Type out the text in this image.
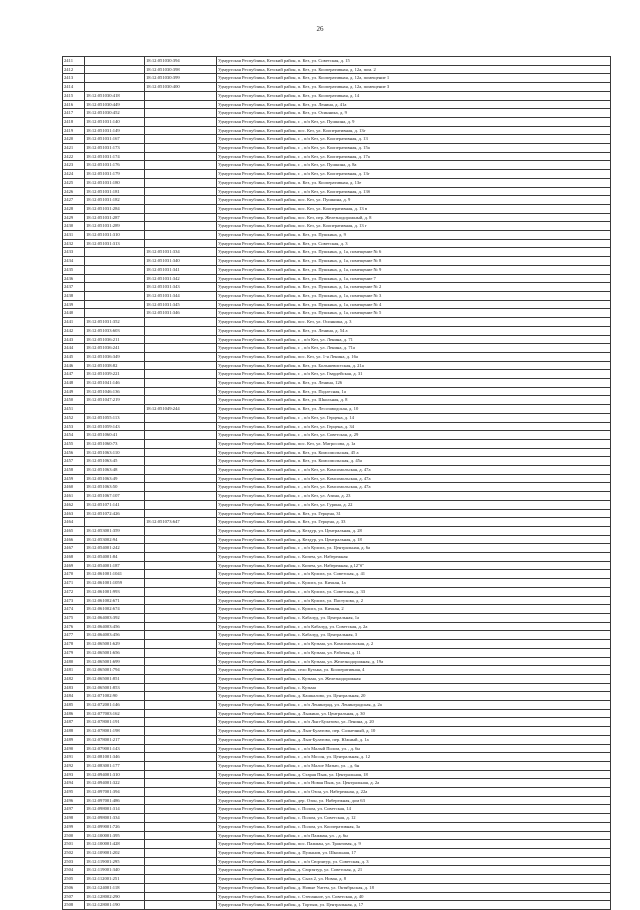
26
2411		18:12:051030:394	Удмуртская Республика, Кезский район, п. Кез, ул. Советская, д. 15
2412		18:12:051030:398	Удмуртская Республика, Кезский район, п. Кез, ул. Кооперативная, д. 12а, пом. 2
2413		18:12:051030:399	Удмуртская Республика, Кезский район, п. Кез, ул. Кооперативная, д. 12а, помещение 1
2414		18:12:051030:400	Удмуртская Республика, Кезский район, п. Кез, ул. Кооперативная, д. 12а, помещение 3
2415	18:12:051030:418		Удмуртская Республика, Кезский район, п. Кез, ул. Кооперативная, д. 14
2416	18:12:051030:449		Удмуртская Республика, Кезский район, п. Кез, ул. Ленина, д. 41а
2417	18:12:051030:452		Удмуртская Республика, Кезский район, п. Кез, ул. Осинника, д. 9
2418	18:12:051031:140		Удмуртская Республика, Кезский район, г. , п/п Кез, ул. Пушкина, д. 9
2419	18:12:051031:149		Удмуртская Республика, Кезский район, пос. Кез, ул. Кооперативная, д. 13г
2420	18:12:051031:167		Удмуртская Республика, Кезский район, г. , п/п Кез, ул. Кооперативная, д. 13
2421	18:12:051031:173		Удмуртская Республика, Кезский район, г. , п/п Кез, ул. Кооперативная, д. 15а
2422	18:12:051031:174		Удмуртская Республика, Кезский район, г. , п/п Кез, ул. Кооперативная, д. 17а
2423	18:12:051031:176		Удмуртская Республика, Кезский район, г. , п/п Кез, ул. Пушкина, д. 8а
2424	18:12:051031:179		Удмуртская Республика, Кезский район, г. , п/п Кез, ул. Кооперативная, д. 13г
2425	18:12:051031:180		Удмуртская Республика, Кезский район, п. Кез, ул. Кооперативная, д. 13е
2426	18:12:051031:181		Удмуртская Республика, Кезский район, г. , п/п Кез, ул. Кооперативная, д. 13б
2427	18:12:051031:182		Удмуртская Республика, Кезский район, пос. Кез, ул. Пушкина, д. 9
2428	18:12:051031:284		Удмуртская Республика, Кезский район, пос. Кез, ул. Кооперативная, д. 13 в
2429	18:12:051031:287		Удмуртская Республика, Кезский район, пос. Кез, пер. Железнодорожный, д. 8
2430	18:12:051031:289		Удмуртская Республика, Кезский район, пос. Кез, ул. Кооперативная, д. 13 г
2431	18:12:051031:310		Удмуртская Республика, Кезский район, п. Кез, ул. Пушкина, д. 9
2432	18:12:051031:313		Удмуртская Республика, Кезский район, п. Кез, ул. Советская, д. 3
2433		18:12:051031:334	Удмуртская Республика, Кезский район, п. Кез, ул. Пушкина, д. 1а, помещение № 6
2434		18:12:051031:340	Удмуртская Республика, Кезский район, п. Кез, ул. Пушкина, д. 1а, помещение № 8
2435		18:12:051031:341	Удмуртская Республика, Кезский район, п. Кез, ул. Пушкина, д. 1а, помещение № 9
2436		18:12:051031:342	Удмуртская Республика, Кезский район, п. Кез, ул. Пушкина, д. 1а, помещение 7
2437		18:12:051031:343	Удмуртская Республика, Кезский район, п. Кез, ул. Пушкина, д. 1а, помещение № 2
2438		18:12:051031:344	Удмуртская Республика, Кезский район, п. Кез, ул. Пушкина, д. 1а, помещение № 3
2439		18:12:051031:345	Удмуртская Республика, Кезский район, п. Кез, ул. Пушкина, д. 1а, помещение № 4
2440		18:12:051031:346	Удмуртская Республика, Кезский район, п. Кез, ул. Пушкина, д. 1а, помещение № 5
2441	18:12:051031:352		Удмуртская Республика, Кезский район, пос. Кез, ул. Осинника, д. 3
2442	18:12:051033:603		Удмуртская Республика, Кезский район, п. Кез, ул. Ленина, д. 54 а
2443	18:12:051036:211		Удмуртская Республика, Кезский район, г. , п/п Кез, ул. Ленина, д. 71
2444	18:12:051036:241		Удмуртская Республика, Кезский район, г. , п/п Кез, ул. Ленина, д. 71а
2445	18:12:051036:349		Удмуртская Республика, Кезский район, пос. Кез, ул. 1-я Ленина, д. 16а
2446	18:12:051038:82		Удмуртская Республика, Кезский район, п. Кез, ул. Большевистская, д. 21а
2447	18:12:051039:221		Удмуртская Республика, Кезский район, г. , п/п Кез, ул. Гвардейская, д. 31
2448	18:12:051041:146		Удмуртская Республика, Кезский район, п. Кез, ул. Ленина, 126
2449	18:12:051046:136		Удмуртская Республика, Кезский район, п. Кез, ул. Подлесная, 1а
2450	18:12:051047:219		Удмуртская Республика, Кезский район, п. Кез, ул. Школьная, д. 8
2451		18:12:051049:244	Удмуртская Республика, Кезский район, п. Кез, ул. Лесозаводская, д. 10
2452	18:12:051055:113		Удмуртская Республика, Кезский район, г. , п/п Кез, ул. Герцена, д. 14
2453	18:12:051059:143		Удмуртская Республика, Кезский район, г. , п/п Кез, ул. Герцена, д. 34
2454	18:12:051060:41		Удмуртская Республика, Кезский район, г. , п/п Кез, ул. Советская, д. 29
2455	18:12:051060:73		Удмуртская Республика, Кезский район, пос. Кез, ул. Матросова, д. 1а
2456	18:12:051063:110		Удмуртская Республика, Кезский район, п. Кез, ул. Комсомольская, 45 а
2457	18:12:051063:45		Удмуртская Республика, Кезский район, п. Кез, ул. Комсомольская, д. 45а
2458	18:12:051063:48		Удмуртская Республика, Кезский район, г. , п/п Кез, ул. Комсомольская, д. 47а
2459	18:12:051063:49		Удмуртская Республика, Кезский район, г. , п/п Кез, ул. Комсомольская, д. 47а
2460	18:12:051063:50		Удмуртская Республика, Кезский район, г. , п/п Кез, ул. Комсомольская, д. 47а
2461	18:12:051067:107		Удмуртская Республика, Кезский район, г. , п/п Кез, ул. Азина, д. 23
2462	18:12:051071:141		Удмуртская Республика, Кезский район, г. , п/п Кез, ул. Гурина, д. 22
2463	18:12:051072:426		Удмуртская Республика, Кезский район, п. Кез, ул. Герцена, 31
2464		18:12:051073:647	Удмуртская Республика, Кезский район, п. Кез, ул. Герцена, д. 33
2465	18:12:053001:359		Удмуртская Республика, Кезский район, д. Кездур, ул. Центральная, д. 28
2466	18:12:053002:94		Удмуртская Республика, Кезский район, д. Кездур, ул. Центральная, д. 18
2467	18:12:054001:242		Удмуртская Республика, Кезский район, г. , п/п Кулига, ул. Центральная, д. 6а
2468	18:12:054001:84		Удмуртская Республика, Кезский район, с. Кичем, ул. Набережная
2469	18:12:054001:187		Удмуртская Республика, Кезский район, с. Кичем, ул. Набережная, д.12"б"
2470	18:12:061001:1041		Удмуртская Республика, Кезский район, г. , п/п Кулига, ул. Советская, д. 41
2471	18:12:061001:1059		Удмуртская Республика, Кезский район, с. Кулига, ул. Кичкан, 1а
2472	18:12:061001:993		Удмуртская Республика, Кезский район, г. , п/п Кулига, ул. Советская, д. 33
2473	18:12:061002:671		Удмуртская Республика, Кезский район, г. , п/п Кулига, ул. Пастухова, д. 2
2474	18:12:061002:674		Удмуртская Республика, Кезский район, с. Кулига, ул. Кичкан, 2
2475	18:12:064003:392		Удмуртская Республика, Кезский район, с. Кабалуд, ул. Центральная, 1а
2476	18:12:064003:456		Удмуртская Республика, Кезский район, г. , п/п Кабалуд, ул. Советская, д. 2а
2477	18:12:064003:456		Удмуртская Республика, Кезский район, с. Кабалуд, ул. Центральная, 3
2478	18:12:065001:629		Удмуртская Республика, Кезский район, г. , п/п Кузьма, ул. Комсомольская, д. 2
2479	18:12:065001:656		Удмуртская Республика, Кезский район, г. , п/п Кузьма, ул. Рабочая, д. 11
2480	18:12:065001:699		Удмуртская Республика, Кезский район, г. , п/п Кузьма, ул. Железнодорожная, д. 19а
2481	18:12:065001:794		Удмуртская Республика, Кезский район, село Кузьма, ул. Кооперативная, 4
2482	18:12:065001:851		Удмуртская Республика, Кезский район, с. Кузьма, ул. Железнодорожная
2483	18:12:065001:853		Удмуртская Республика, Кезский район, с. Кузьма
2484	18:12:071002:90		Удмуртская Республика, Кезский район, д. Кашкалово, ул. Центральная, 20
2485	18:12:072001:146		Удмуртская Республика, Кезский район, г. , п/п Ленинград, ул. Ленинградская, д. 2а
2486	18:12:077003:162		Удмуртская Республика, Кезский район, д. Лыжино, ул. Центральная, д. 30
2487	18:12:078001:191		Удмуртская Республика, Кезский район, г. , п/п Лып-Булатово, ул. Ленина, д. 20
2488	18:12:078001:198		Удмуртская Республика, Кезский район, д. Лып-Булатово, пер. Солнечный, д. 10
2489	18:12:078001:217		Удмуртская Республика, Кезский район, д. Лып-Булатово, пер. Южный, д. 1а
2490	18:12:079001:143		Удмуртская Республика, Кезский район, г. , п/п Малый Полом, ул. , д. 6н
2491	18:12:081001:346		Удмуртская Республика, Кезский район, г. , п/п Мосон, ул. Центральная, д. 12
2492	18:12:083001:177		Удмуртская Республика, Кезский район, г. , п/п Малое Мазью, ул. , д. 6н
2493	18:12:094001:310		Удмуртская Республика, Кезский район, д. Старая Пыж, ул. Центральная, 18
2494	18:12:094001:322		Удмуртская Республика, Кезский район, г. , п/п Новая Пыж, ул. Центральная, д. 2а
2495	18:12:097001:394		Удмуртская Республика, Кезский район, г. , п/п Озон, ул. Набережная, д. 22а
2496	18:12:097001:486		Удмуртская Республика, Кезский район, дер. Озон, ул. Набережная, дом 63
2497	18:12:098001:314		Удмуртская Республика, Кезский район, с. Полом, ул. Советская, 14
2498	18:12:098001:334		Удмуртская Республика, Кезский район, с. Полом, ул. Советская, д. 12
2499	18:12:099001:726		Удмуртская Республика, Кезский район, с. Полом, ул. Кооперативная, 3а
2500	18:12:100001:395		Удмуртская Республика, Кезский район, г. , п/п Пажман, ул. , д. 6н
2501	18:12:100001:428		Удмуртская Республика, Кезский район, пос. Пажман, ул. Трактовая, д. 9
2502	18:12:109001:202		Удмуртская Республика, Кезский район, д. Пулынов, ул. Школьная, 17
2503	18:12:119001:295		Удмуртская Республика, Кезский район, г. , п/п Сюрзятур, ул. Советская, д. 3
2504	18:12:119001:340		Удмуртская Республика, Кезский район, д. Сюрзятур, ул. Советская, д. 21
2505	18:12:112001:251		Удмуртская Республика, Кезский район, д. Сыга 2, ул. Новая, д. 8
2506	18:12:124001:118		Удмуртская Республика, Кезский район, д. Новые Унтем, ул. Октябрьская, д. 18
2507	18:12:128002:290		Удмуртская Республика, Кезский район, с. Степанное, ул. Советская, д. 40
2508	18:12:128001:190		Удмуртская Республика, Кезский район, д. Тортым, ул. Центральная, д. 17
